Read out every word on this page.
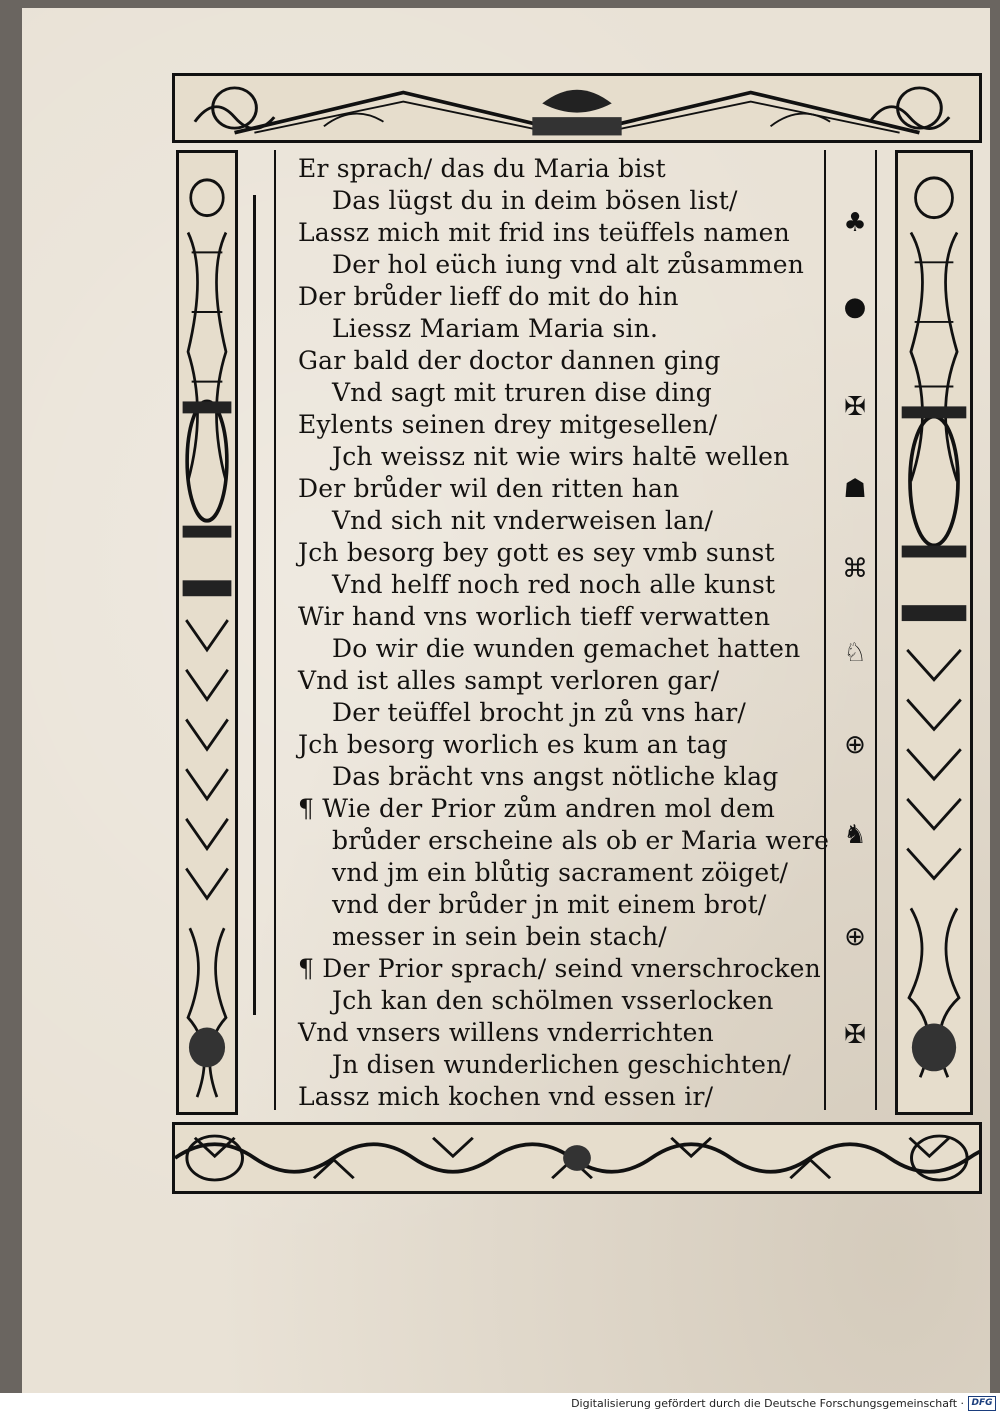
Er sprach/ das du Maria bist
Das lügst du in deim bösen list/
Lassz mich mit frid ins teüffels namen
Der hol eüch iung vnd alt zůsammen
Der brůder lieff do mit do hin
Liessz Mariam Maria sin.
Gar bald der doctor dannen ging
Vnd sagt mit truren dise ding
Eylents seinen drey mitgesellen/
Jch weissz nit wie wirs haltē wellen
Der brůder wil den ritten han
Vnd sich nit vnderweisen lan/
Jch besorg bey gott es sey vmb sunst
Vnd helff noch red noch alle kunst
Wir hand vns worlich tieff verwatten
Do wir die wunden gemachet hatten
Vnd ist alles sampt verloren gar/
Der teüffel brocht jn zů vns har/
Jch besorg worlich es kum an tag
Das brächt vns angst nötliche klag
¶ Wie der Prior zům andren mol dem
brůder erscheine als ob er Maria were
vnd jm ein blůtig sacrament zöiget/
vnd der brůder jn mit einem brot/
messer in sein bein stach/
¶ Der Prior sprach/ seind vnerschrocken
Jch kan den schölmen vsserlocken
Vnd vnsers willens vnderrichten
Jn disen wunderlichen geschichten/
Lassz mich kochen vnd essen ir/
♣
●
✠
☗
⌘
♘
⊕
♞
⊕
✠
Digitalisierung gefördert durch die Deutsche Forschungsgemeinschaft · DFG
